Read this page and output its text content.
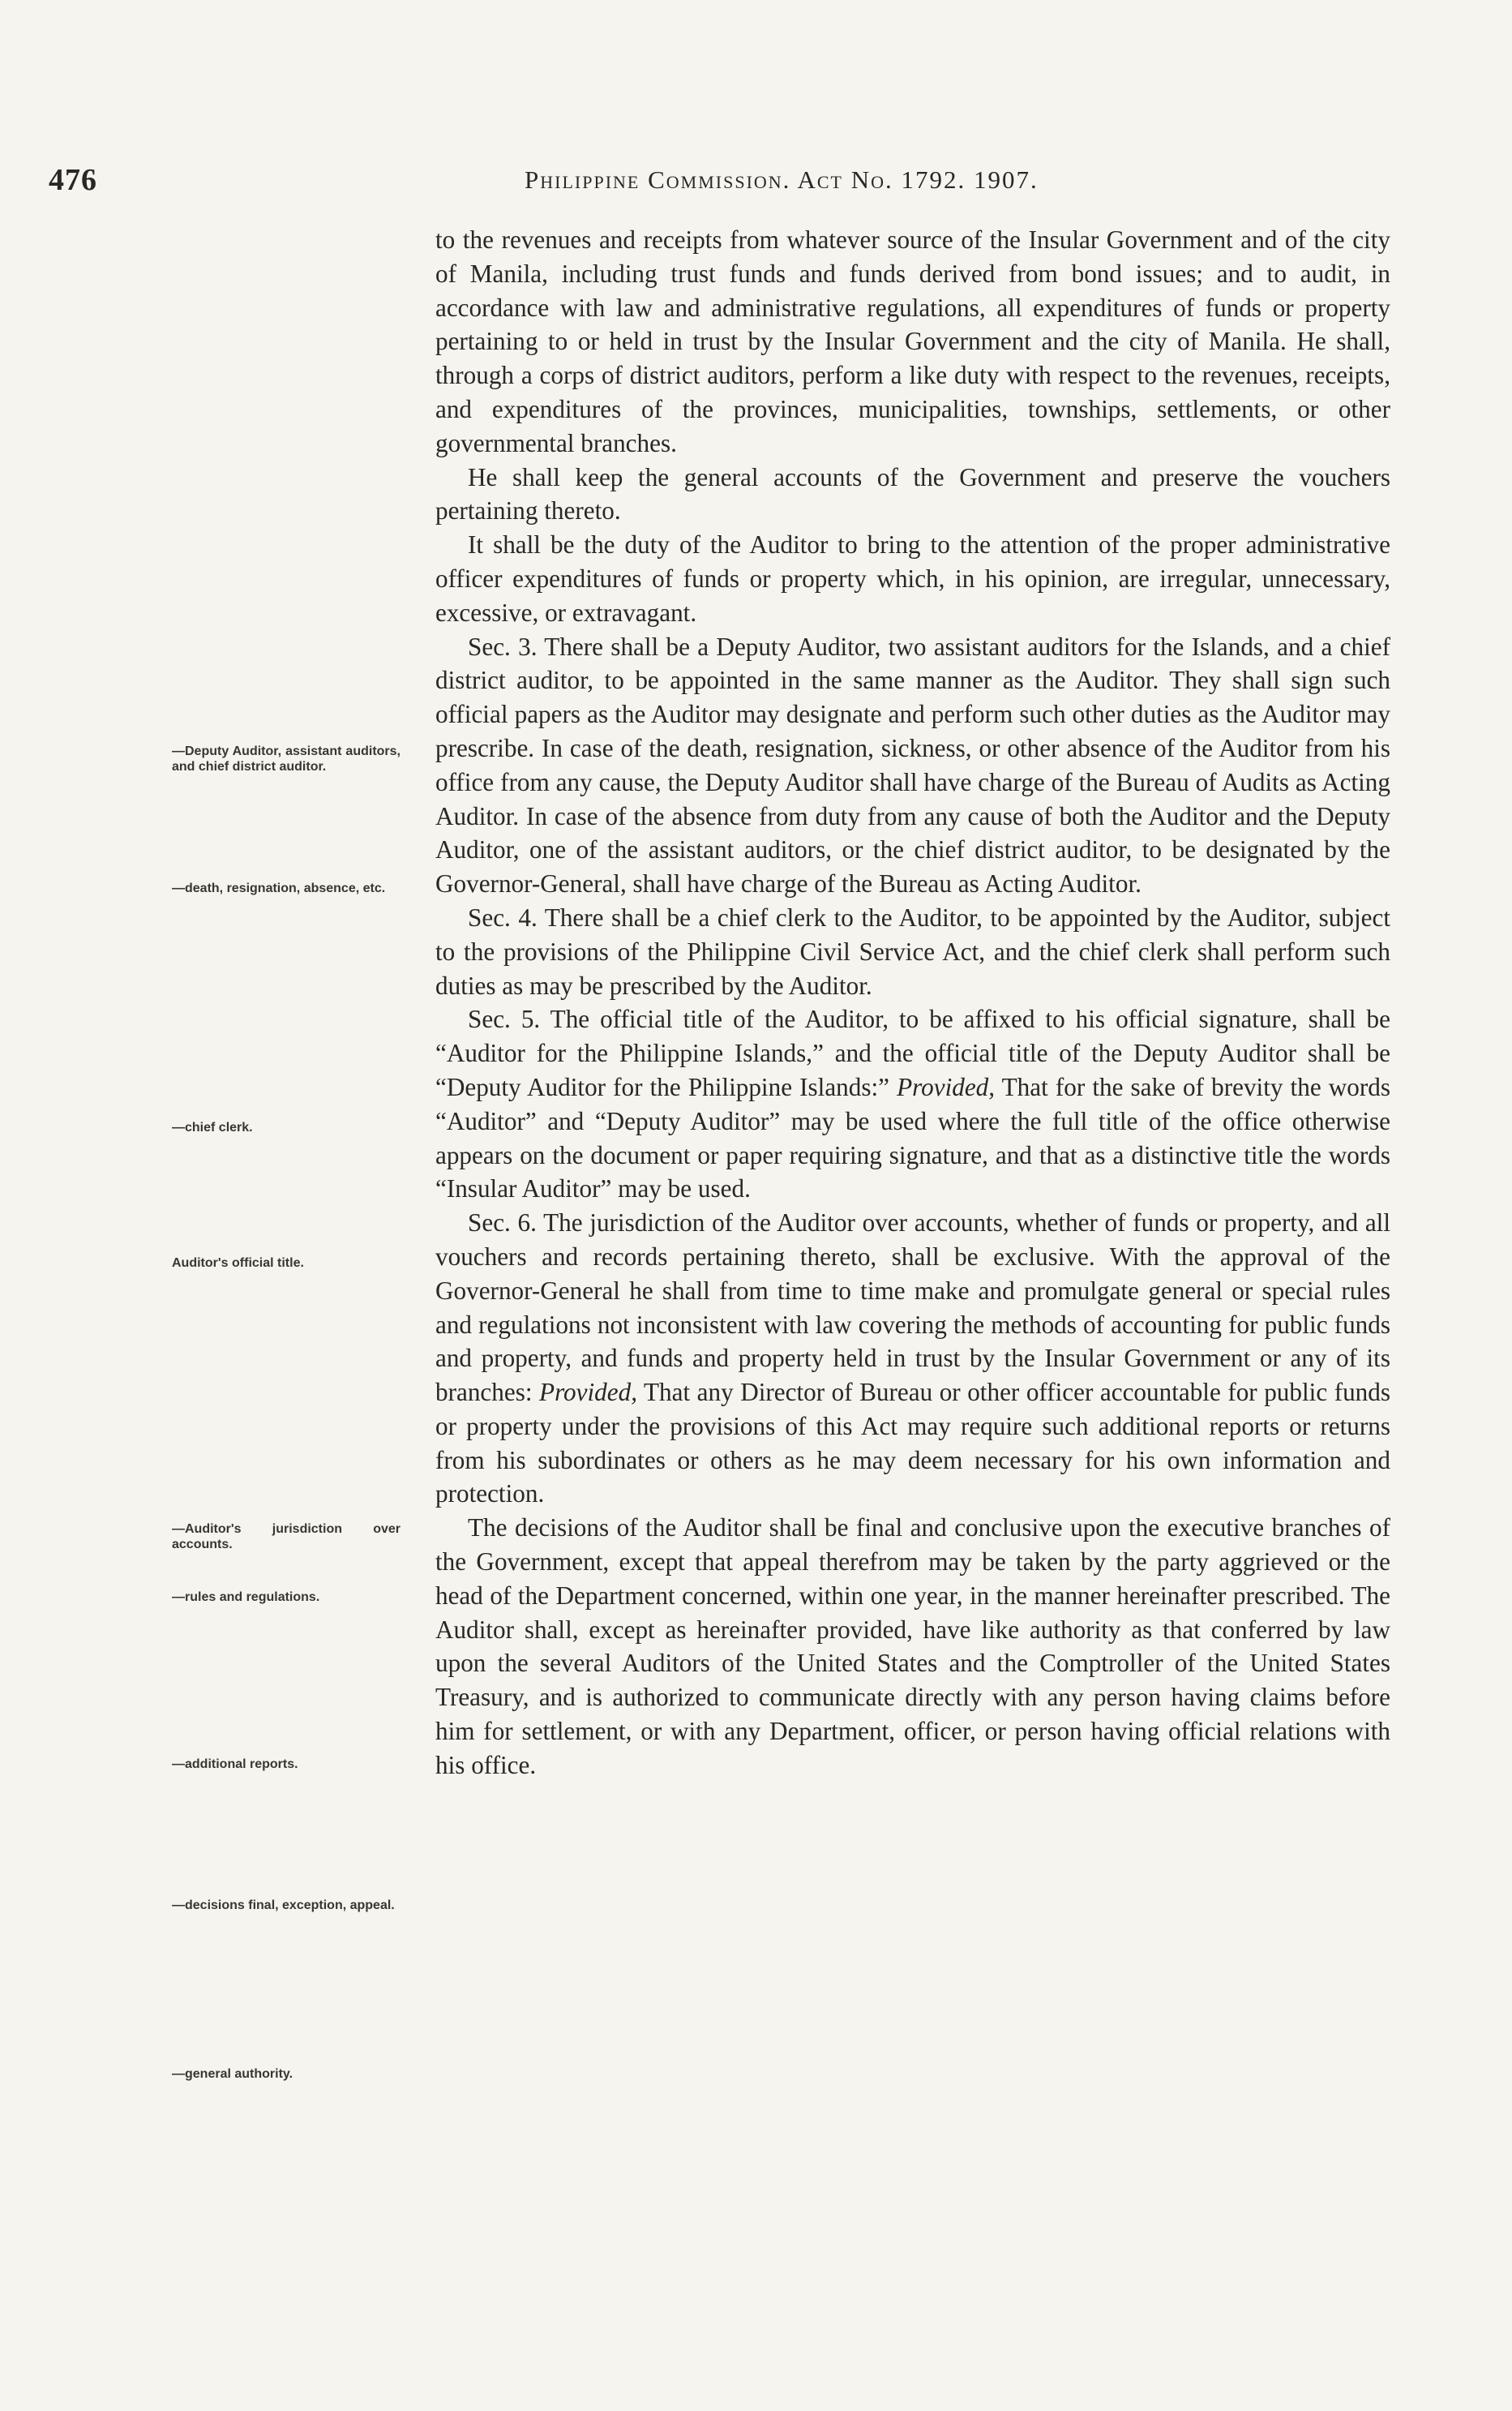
476	Philippine Commission. Act No. 1792. 1907.
—Deputy Auditor, assistant auditors, and chief district auditor.
—death, resignation, absence, etc.
—chief clerk.
Auditor's official title.
—Auditor's jurisdiction over accounts.
—rules and regulations.
—additional reports.
—decisions final, exception, appeal.
—general authority.

to the revenues and receipts from whatever source of the Insular Government and of the city of Manila, including trust funds and funds derived from bond issues; and to audit, in accordance with law and administrative regulations, all expenditures of funds or property pertaining to or held in trust by the Insular Government and the city of Manila. He shall, through a corps of district auditors, perform a like duty with respect to the revenues, receipts, and expenditures of the provinces, municipalities, townships, settlements, or other governmental branches.

He shall keep the general accounts of the Government and preserve the vouchers pertaining thereto.

It shall be the duty of the Auditor to bring to the attention of the proper administrative officer expenditures of funds or property which, in his opinion, are irregular, unnecessary, excessive, or extravagant.

Sec. 3. There shall be a Deputy Auditor, two assistant auditors for the Islands, and a chief district auditor, to be appointed in the same manner as the Auditor. They shall sign such official papers as the Auditor may designate and perform such other duties as the Auditor may prescribe. In case of the death, resignation, sickness, or other absence of the Auditor from his office from any cause, the Deputy Auditor shall have charge of the Bureau of Audits as Acting Auditor. In case of the absence from duty from any cause of both the Auditor and the Deputy Auditor, one of the assistant auditors, or the chief district auditor, to be designated by the Governor-General, shall have charge of the Bureau as Acting Auditor.

Sec. 4. There shall be a chief clerk to the Auditor, to be appointed by the Auditor, subject to the provisions of the Philippine Civil Service Act, and the chief clerk shall perform such duties as may be prescribed by the Auditor.

Sec. 5. The official title of the Auditor, to be affixed to his official signature, shall be “Auditor for the Philippine Islands,” and the official title of the Deputy Auditor shall be “Deputy Auditor for the Philippine Islands:” Provided, That for the sake of brevity the words “Auditor” and “Deputy Auditor” may be used where the full title of the office otherwise appears on the document or paper requiring signature, and that as a distinctive title the words “Insular Auditor” may be used.

Sec. 6. The jurisdiction of the Auditor over accounts, whether of funds or property, and all vouchers and records pertaining thereto, shall be exclusive. With the approval of the Governor-General he shall from time to time make and promulgate general or special rules and regulations not inconsistent with law covering the methods of accounting for public funds and property, and funds and property held in trust by the Insular Government or any of its branches: Provided, That any Director of Bureau or other officer accountable for public funds or property under the provisions of this Act may require such additional reports or returns from his subordinates or others as he may deem necessary for his own information and protection.

The decisions of the Auditor shall be final and conclusive upon the executive branches of the Government, except that appeal therefrom may be taken by the party aggrieved or the head of the Department concerned, within one year, in the manner hereinafter prescribed. The Auditor shall, except as hereinafter provided, have like authority as that conferred by law upon the several Auditors of the United States and the Comptroller of the United States Treasury, and is authorized to communicate directly with any person having claims before him for settlement, or with any Department, officer, or person having official relations with his office.
